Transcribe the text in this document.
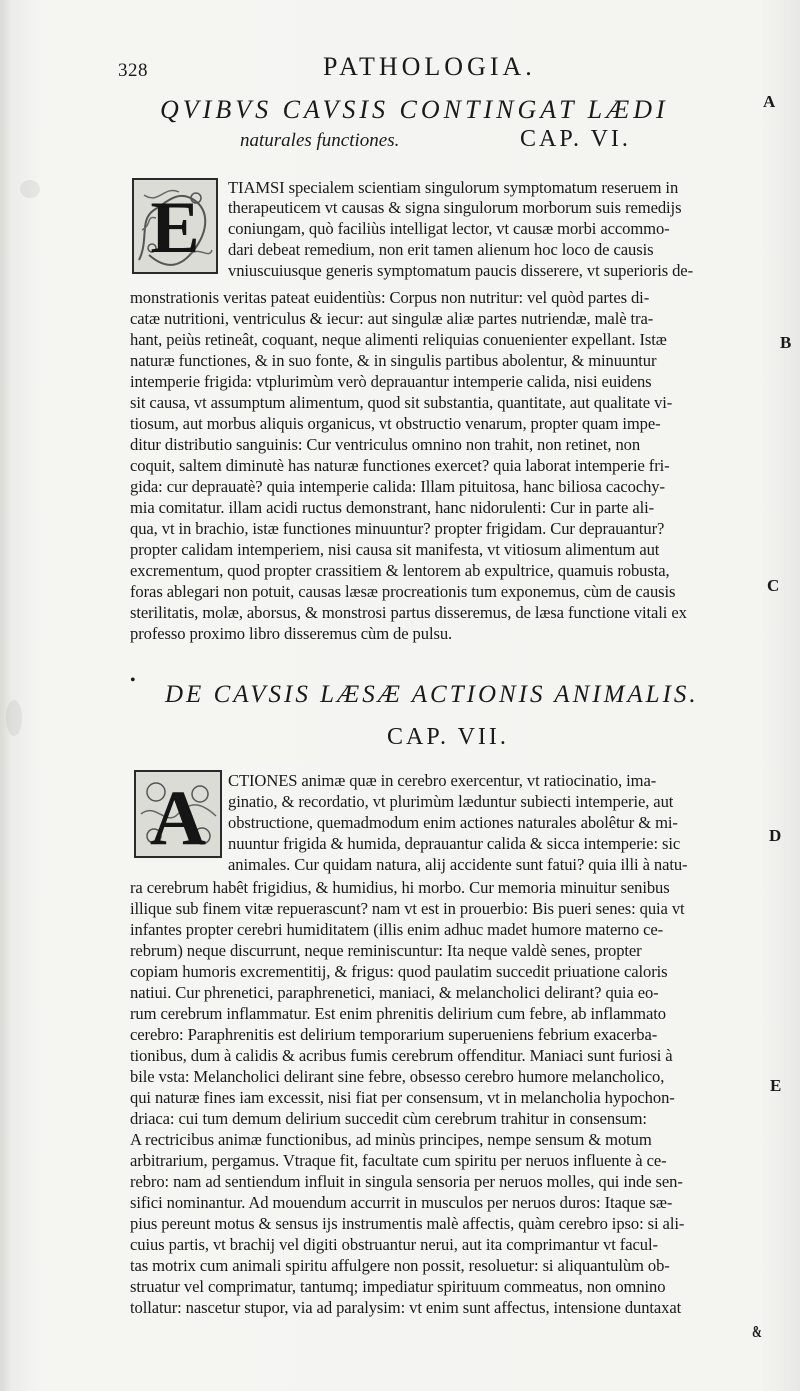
328	PATHOLOGIA.
A
B
C
D
E
QVIBVS CAVSIS CONTINGAT LÆDI
naturales functiones.	CAP. VI.
E TIAMSI specialem scientiam singulorum symptomatum reseruem in
therapeuticem vt causas & signa singulorum morborum suis remedijs
coniungam, quò faciliùs intelligat lector, vt causæ morbi accommo-
dari debeat remedium, non erit tamen alienum hoc loco de causis
vniuscuiusque generis symptomatum paucis disserere, vt superioris de-
monstrationis veritas pateat euidentiùs: Corpus non nutritur: vel quòd partes di-
catæ nutritioni, ventriculus & iecur: aut singulæ aliæ partes nutriendæ, malè tra-
hant, peiùs retineât, coquant, neque alimenti reliquias conuenienter expellant. Istæ
naturæ functiones, & in suo fonte, & in singulis partibus abolentur, & minuuntur
intemperie frigida: vtplurimùm verò deprauantur intemperie calida, nisi euidens
sit causa, vt assumptum alimentum, quod sit substantia, quantitate, aut qualitate vi-
tiosum, aut morbus aliquis organicus, vt obstructio venarum, propter quam impe-
ditur distributio sanguinis: Cur ventriculus omnino non trahit, non retinet, non
coquit, saltem diminutè has naturæ functiones exercet? quia laborat intemperie fri-
gida: cur deprauatè? quia intemperie calida: Illam pituitosa, hanc biliosa cacochy-
mia comitatur. illam acidi ructus demonstrant, hanc nidorulenti: Cur in parte ali-
qua, vt in brachio, istæ functiones minuuntur? propter frigidam. Cur deprauantur?
propter calidam intemperiem, nisi causa sit manifesta, vt vitiosum alimentum aut
excrementum, quod propter crassitiem & lentorem ab expultrice, quamuis robusta,
foras ablegari non potuit, causas læsæ procreationis tum exponemus, cùm de causis
sterilitatis, molæ, aborsus, & monstrosi partus disseremus, de læsa functione vitali ex
professo proximo libro disseremus cùm de pulsu.
•
DE CAVSIS LÆSÆ ACTIONIS ANIMALIS.
CAP. VII.
A CTIONES animæ quæ in cerebro exercentur, vt ratiocinatio, ima-
ginatio, & recordatio, vt plurimùm læduntur subiecti intemperie, aut
obstructione, quemadmodum enim actiones naturales abolêtur & mi-
nuuntur frigida & humida, deprauantur calida & sicca intemperie: sic
animales. Cur quidam natura, alij accidente sunt fatui? quia illi à natu-
ra cerebrum habêt frigidius, & humidius, hi morbo. Cur memoria minuitur senibus
illique sub finem vitæ repuerascunt? nam vt est in prouerbio: Bis pueri senes: quia vt
infantes propter cerebri humiditatem (illis enim adhuc madet humore materno ce-
rebrum) neque discurrunt, neque reminiscuntur: Ita neque valdè senes, propter
copiam humoris excrementitij, & frigus: quod paulatim succedit priuatione caloris
natiui. Cur phrenetici, paraphrenetici, maniaci, & melancholici delirant? quia eo-
rum cerebrum inflammatur. Est enim phrenitis delirium cum febre, ab inflammato
cerebro: Paraphrenitis est delirium temporarium superueniens febrium exacerba-
tionibus, dum à calidis & acribus fumis cerebrum offenditur. Maniaci sunt furiosi à
bile vsta: Melancholici delirant sine febre, obsesso cerebro humore melancholico,
qui naturæ fines iam excessit, nisi fiat per consensum, vt in melancholia hypochon-
driaca: cui tum demum delirium succedit cùm cerebrum trahitur in consensum:
A rectricibus animæ functionibus, ad minùs principes, nempe sensum & motum
arbitrarium, pergamus. Vtraque fit, facultate cum spiritu per neruos influente à ce-
rebro: nam ad sentiendum influit in singula sensoria per neruos molles, qui inde sen-
sifici nominantur. Ad mouendum accurrit in musculos per neruos duros: Itaque sæ-
pius pereunt motus & sensus ijs instrumentis malè affectis, quàm cerebro ipso: si ali-
cuius partis, vt brachij vel digiti obstruantur nerui, aut ita comprimantur vt facul-
tas motrix cum animali spiritu affulgere non possit, resoluetur: si aliquantulùm ob-
struatur vel comprimatur, tantumq; impediatur spirituum commeatus, non omnino
tollatur: nascetur stupor, via ad paralysim: vt enim sunt affectus, intensione duntaxat
&
